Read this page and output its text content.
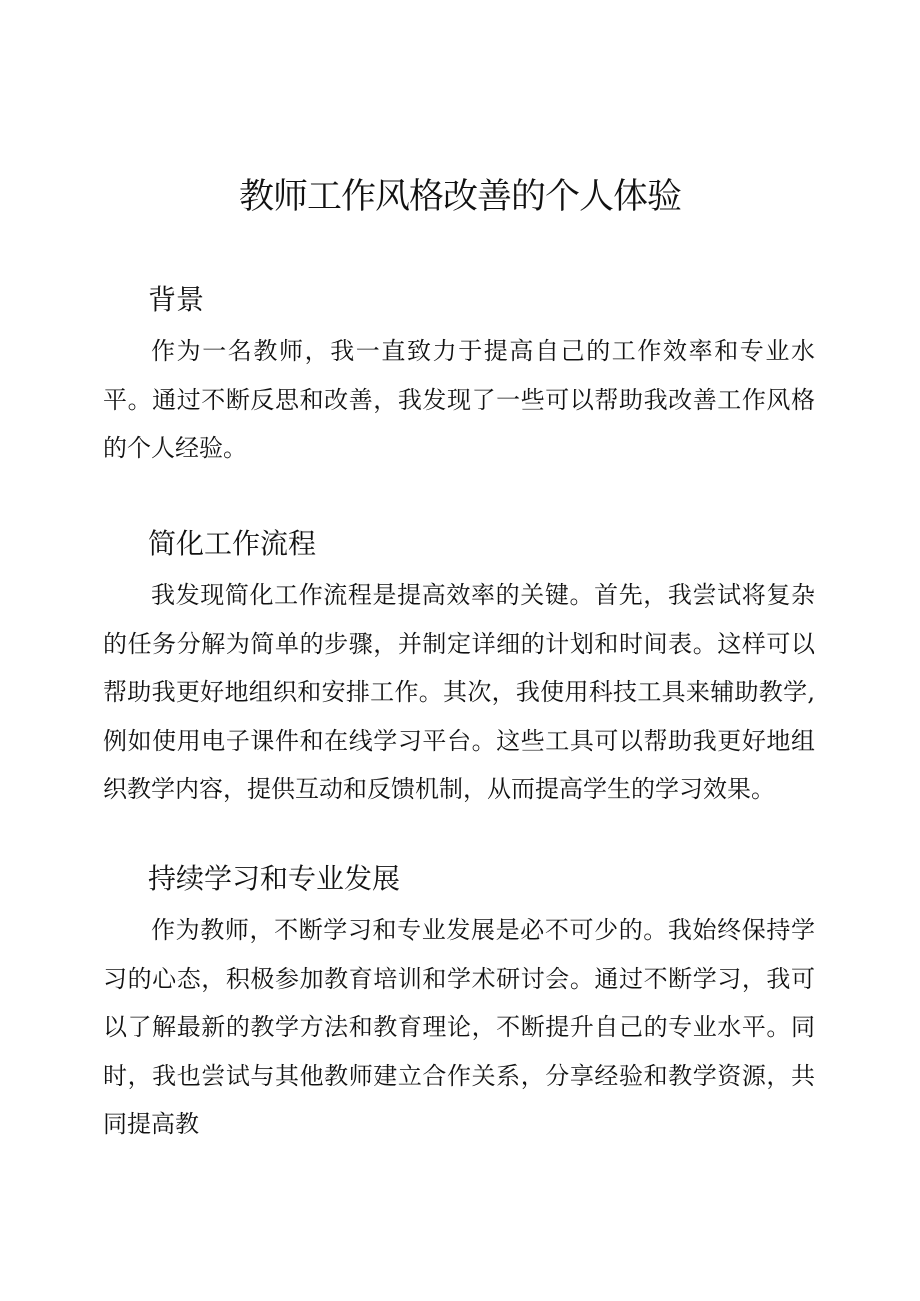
教师工作风格改善的个人体验
背景

作为一名教师，我一直致力于提高自己的工作效率和专业水平。通过不断反思和改善，我发现了一些可以帮助我改善工作风格的个人经验。

简化工作流程

我发现简化工作流程是提高效率的关键。首先，我尝试将复杂的任务分解为简单的步骤，并制定详细的计划和时间表。这样可以帮助我更好地组织和安排工作。其次，我使用科技工具来辅助教学,例如使用电子课件和在线学习平台。这些工具可以帮助我更好地组织教学内容，提供互动和反馈机制，从而提高学生的学习效果。

持续学习和专业发展

作为教师，不断学习和专业发展是必不可少的。我始终保持学习的心态，积极参加教育培训和学术研讨会。通过不断学习，我可以了解最新的教学方法和教育理论，不断提升自己的专业水平。同时，我也尝试与其他教师建立合作关系，分享经验和教学资源，共同提高教
